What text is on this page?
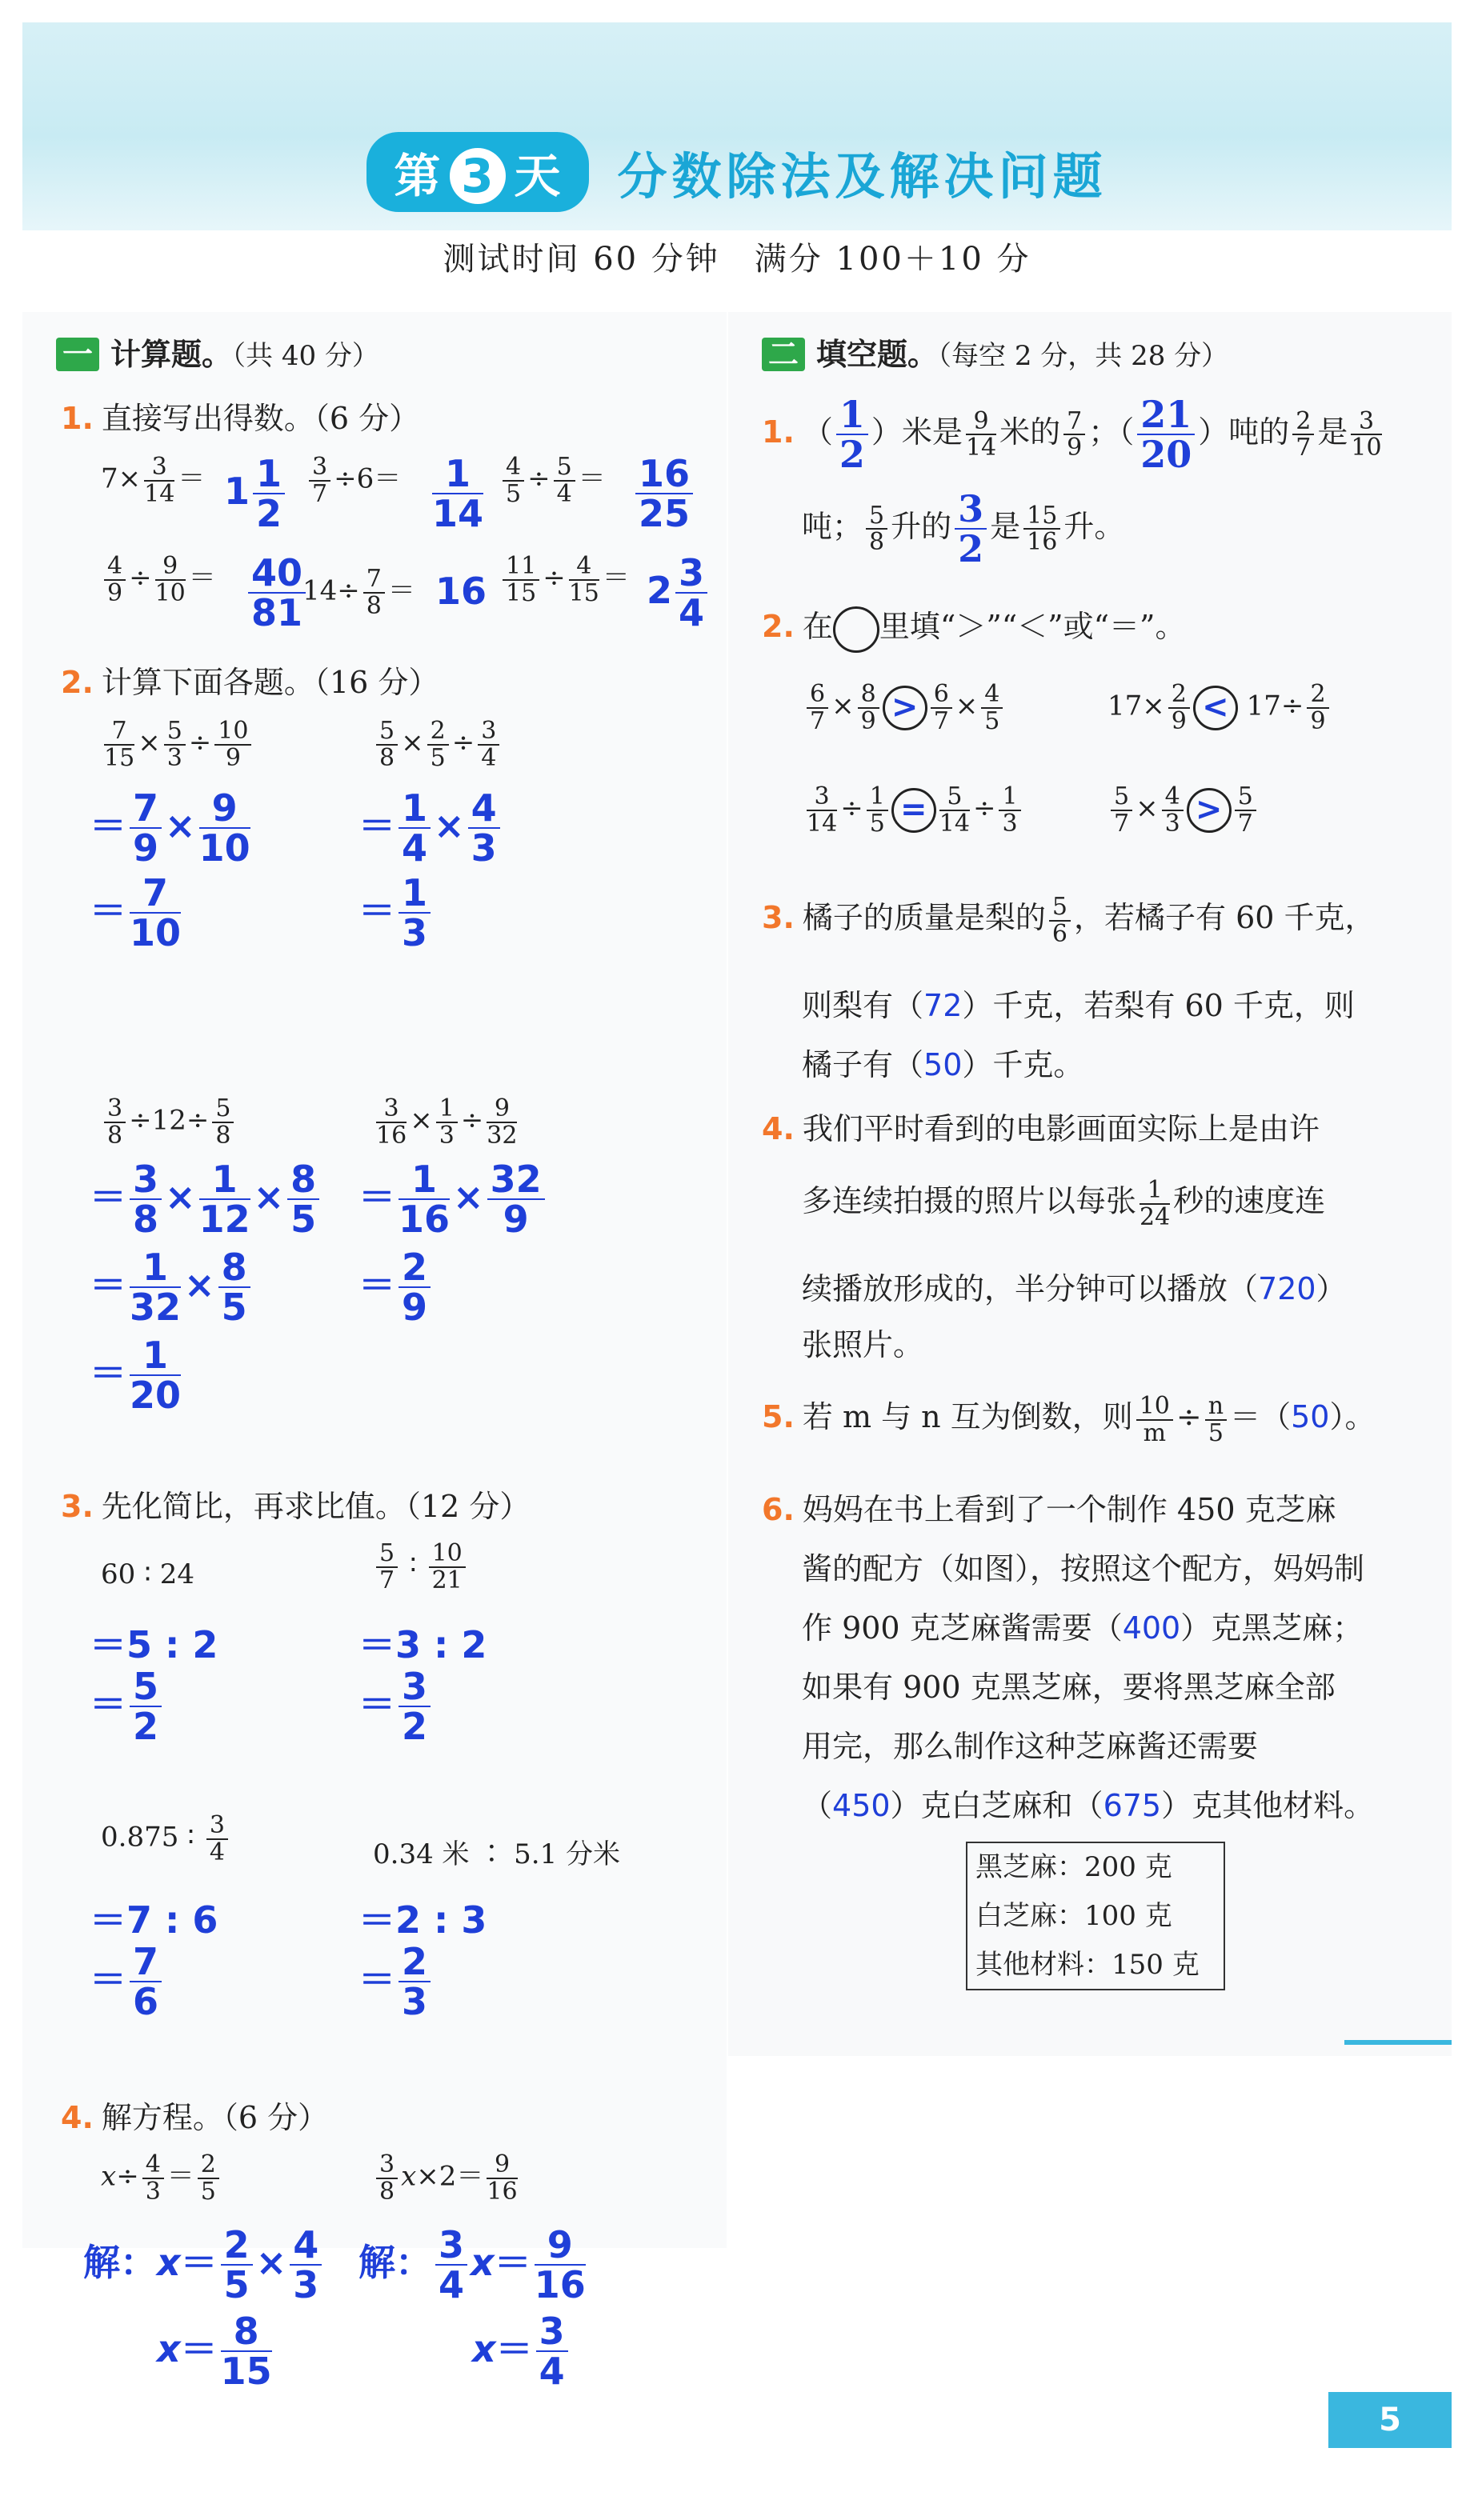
第 3 天 分数除法及解决问题
测试时间 60 分钟　满分 100＋10 分
一 计算题。（共 40 分）
1. 直接写出得数。（6 分）
$7\times \frac{3}{14} = 1 \frac{1}{2} \frac{3}{7} \div 6= \frac{1}{14} \frac{4}{5} \div \frac{5}{4} = \frac{16}{25}$
$\frac{4}{9} \div \frac{9}{10} = \frac{40}{81}$
$14\div \frac{7}{8} = 16 \frac{11}{15} \div \frac{4}{15} = 2 \frac{3}{4}$
2. 计算下面各题。（16 分）
$\frac{7}{15} \times \frac{5}{3} \div \frac{10}{9}$
＝ $\frac{7}{9} \times \frac{9}{10}$
＝ $\frac{7}{10}$
$\frac{5}{8} \times \frac{2}{5} \div \frac{3}{4}$
＝ $\frac{1}{4} \times \frac{4}{3}$
＝ $\frac{1}{3}$
$\frac{3}{8} \div 12\div \frac{5}{8}$
＝ $\frac{3}{8} \times \frac{1}{12} \times \frac{8}{5}$
＝ $\frac{1}{32} \times \frac{8}{5}$
＝ $\frac{1}{20}$
$\frac{3}{16} \times \frac{1}{3} \div \frac{9}{32}$
＝ $\frac{1}{16} \times \frac{32}{9}$
＝ $\frac{2}{9}$
3. 先化简比，再求比值。（12 分）
60 ∶ 24
＝5 : 2
＝ $\frac{5}{2}$
$\frac{5}{7}$ ∶ $\frac{10}{21}$
＝3 : 2
＝ $\frac{3}{2}$
0.875 ∶ $\frac{3}{4}$
＝7 : 6
＝ $\frac{7}{6}$
0.34 米 ∶ 5.1 分米
＝2 : 3
＝ $\frac{2}{3}$
4. 解方程。（6 分）
$x\div \frac{4}{3} = \frac{2}{5}$
解：$x= \frac{2}{5} \times \frac{4}{3}$
$x= \frac{8}{15}$
$\frac{3}{8} x\times 2= \frac{9}{16}$
解： $\frac{3}{4} x= \frac{9}{16}$
$x= \frac{3}{4}$
二 填空题。（每空 2 分，共 28 分）
1. （ $\frac{1}{2}$ ）米是 $\frac{9}{14}$ 米的 $\frac{7}{9}$ ；（ $\frac{21}{20}$ ）吨的 $\frac{2}{7}$ 是 $\frac{3}{10}$
吨； $\frac{5}{8}$ 升的 $\frac{3}{2}$ 是 $\frac{15}{16}$ 升。
2. 在 里填“＞”“＜”或“＝”。
$\frac{6}{7} \times \frac{8}{9} > \frac{6}{7} \times \frac{4}{5}$	$17\times \frac{2}{9} < 17\div \frac{2}{9}$
$\frac{3}{14} \div \frac{1}{5} = \frac{5}{14} \div \frac{1}{3}$	$\frac{5}{7} \times \frac{4}{3} > \frac{5}{7}$
3. 橘子的质量是梨的 $\frac{5}{6}$ ，若橘子有 60 千克，
则梨有（72）千克，若梨有 60 千克，则
橘子有（50）千克。
4. 我们平时看到的电影画面实际上是由许
多连续拍摄的照片以每张 $\frac{1}{24}$ 秒的速度连
续播放形成的，半分钟可以播放（720）
张照片。
5. 若 m 与 n 互为倒数，则 $\frac{10}{m} \div \frac{n}{5} =(50)$。
6. 妈妈在书上看到了一个制作 450 克芝麻
酱的配方（如图），按照这个配方，妈妈制
作 900 克芝麻酱需要（400）克黑芝麻；
如果有 900 克黑芝麻，要将黑芝麻全部
用完，那么制作这种芝麻酱还需要
（450）克白芝麻和（675）克其他材料。
黑芝麻：200 克
白芝麻：100 克
其他材料：150 克
5
